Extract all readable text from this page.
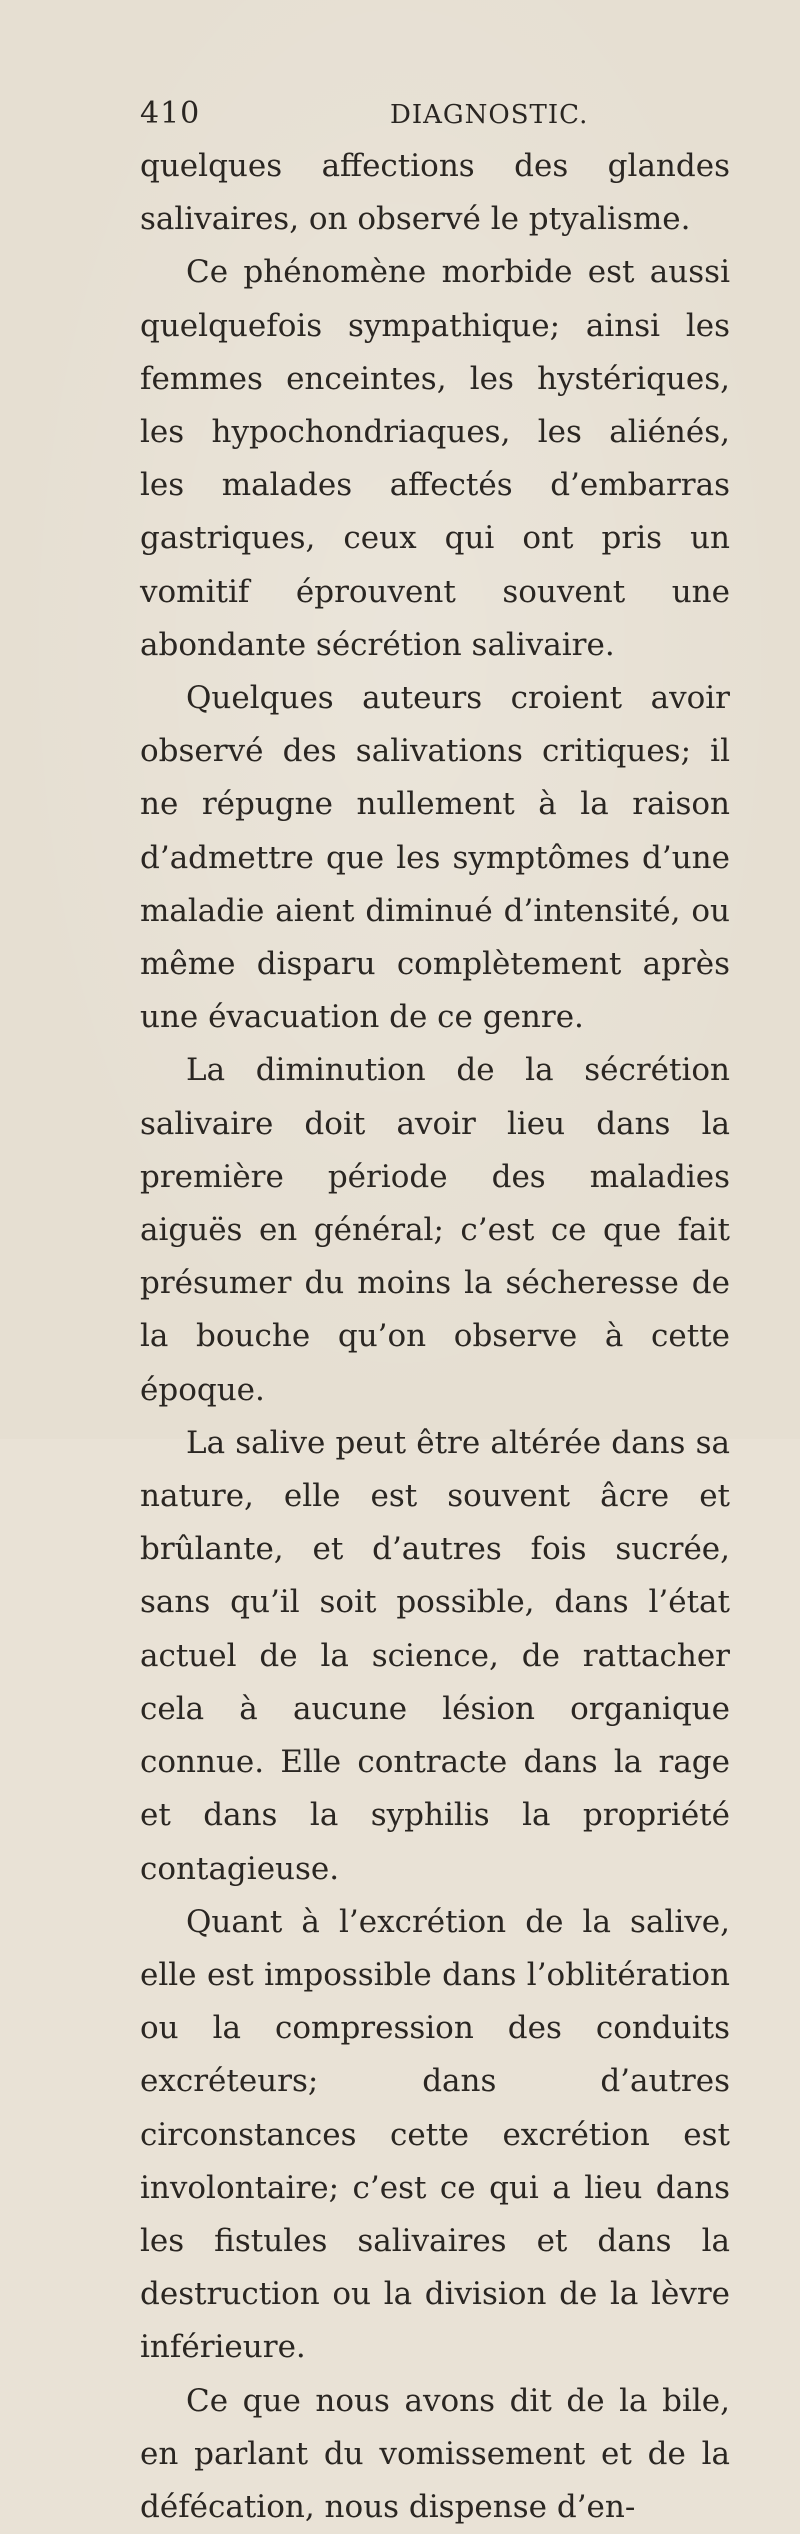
410	DIAGNOSTIC.

quelques affections des glandes salivaires, on observé le ptyalisme.

Ce phénomène morbide est aussi quelquefois sympathique; ainsi les femmes enceintes, les hystériques, les hypochondriaques, les aliénés, les malades affectés d’embarras gastriques, ceux qui ont pris un vomitif éprouvent souvent une abondante sécrétion salivaire.

Quelques auteurs croient avoir observé des salivations critiques; il ne répugne nullement à la raison d’admettre que les symptômes d’une maladie aient diminué d’intensité, ou même disparu complètement après une évacuation de ce genre.

La diminution de la sécrétion salivaire doit avoir lieu dans la première période des maladies aiguës en général; c’est ce que fait présumer du moins la sécheresse de la bouche qu’on observe à cette époque.

La salive peut être altérée dans sa nature, elle est souvent âcre et brûlante, et d’autres fois sucrée, sans qu’il soit possible, dans l’état actuel de la science, de rattacher cela à aucune lésion organique connue. Elle contracte dans la rage et dans la syphilis la propriété contagieuse.

Quant à l’excrétion de la salive, elle est impossible dans l’oblitération ou la compression des conduits excréteurs; dans d’autres circonstances cette excrétion est involontaire; c’est ce qui a lieu dans les fistules salivaires et dans la destruction ou la division de la lèvre inférieure.

Ce que nous avons dit de la bile, en parlant du vomissement et de la défécation, nous dispense d’en-
